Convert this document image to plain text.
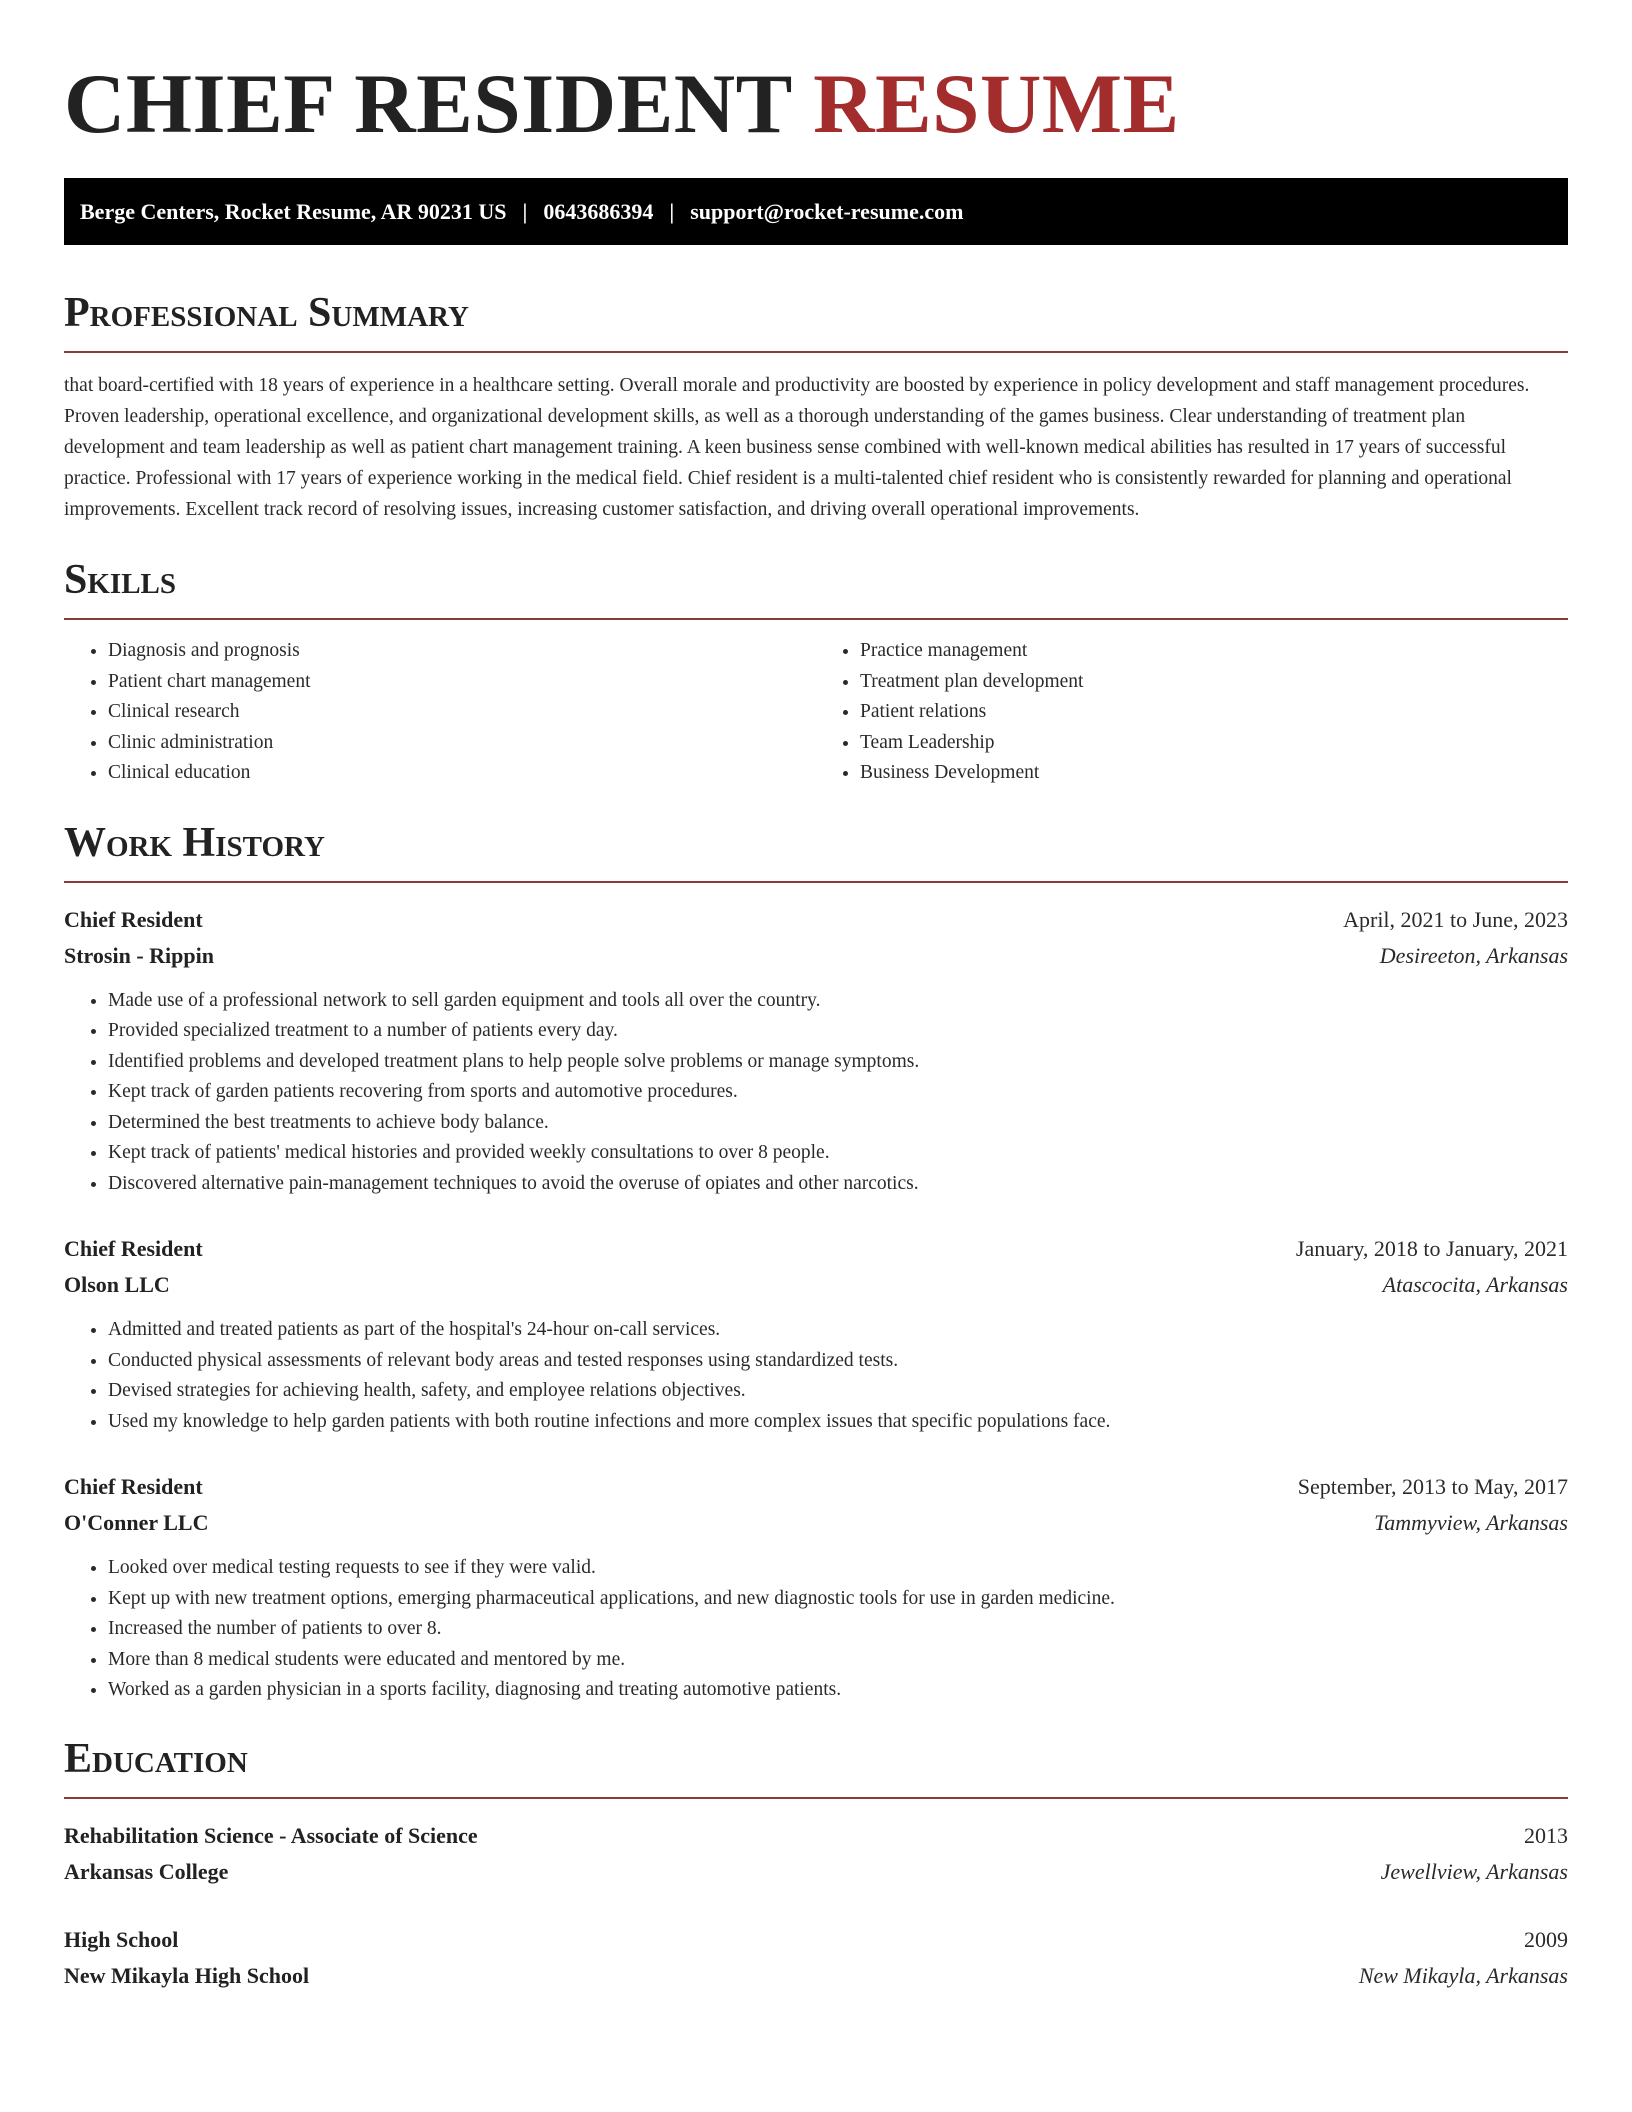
CHIEF RESIDENT RESUME
Berge Centers, Rocket Resume, AR 90231 US | 0643686394 | support@rocket-resume.com
Professional Summary

that board-certified with 18 years of experience in a healthcare setting. Overall morale and productivity are boosted by experience in policy development and staff management procedures. Proven leadership, operational excellence, and organizational development skills, as well as a thorough understanding of the games business. Clear understanding of treatment plan development and team leadership as well as patient chart management training. A keen business sense combined with well-known medical abilities has resulted in 17 years of successful practice. Professional with 17 years of experience working in the medical field. Chief resident is a multi-talented chief resident who is consistently rewarded for planning and operational improvements. Excellent track record of resolving issues, increasing customer satisfaction, and driving overall operational improvements.

Skills
• Diagnosis and prognosis
• Patient chart management
• Clinical research
• Clinic administration
• Clinical education
• Practice management
• Treatment plan development
• Patient relations
• Team Leadership
• Business Development
Work History
Chief Resident	April, 2021 to June, 2023
Strosin - Rippin	Desireeton, Arkansas
• Made use of a professional network to sell garden equipment and tools all over the country.
• Provided specialized treatment to a number of patients every day.
• Identified problems and developed treatment plans to help people solve problems or manage symptoms.
• Kept track of garden patients recovering from sports and automotive procedures.
• Determined the best treatments to achieve body balance.
• Kept track of patients' medical histories and provided weekly consultations to over 8 people.
• Discovered alternative pain-management techniques to avoid the overuse of opiates and other narcotics.
Chief Resident	January, 2018 to January, 2021
Olson LLC	Atascocita, Arkansas
• Admitted and treated patients as part of the hospital's 24-hour on-call services.
• Conducted physical assessments of relevant body areas and tested responses using standardized tests.
• Devised strategies for achieving health, safety, and employee relations objectives.
• Used my knowledge to help garden patients with both routine infections and more complex issues that specific populations face.
Chief Resident	September, 2013 to May, 2017
O'Conner LLC	Tammyview, Arkansas
• Looked over medical testing requests to see if they were valid.
• Kept up with new treatment options, emerging pharmaceutical applications, and new diagnostic tools for use in garden medicine.
• Increased the number of patients to over 8.
• More than 8 medical students were educated and mentored by me.
• Worked as a garden physician in a sports facility, diagnosing and treating automotive patients.
Education
Rehabilitation Science - Associate of Science	2013
Arkansas College	Jewellview, Arkansas
High School	2009
New Mikayla High School	New Mikayla, Arkansas
